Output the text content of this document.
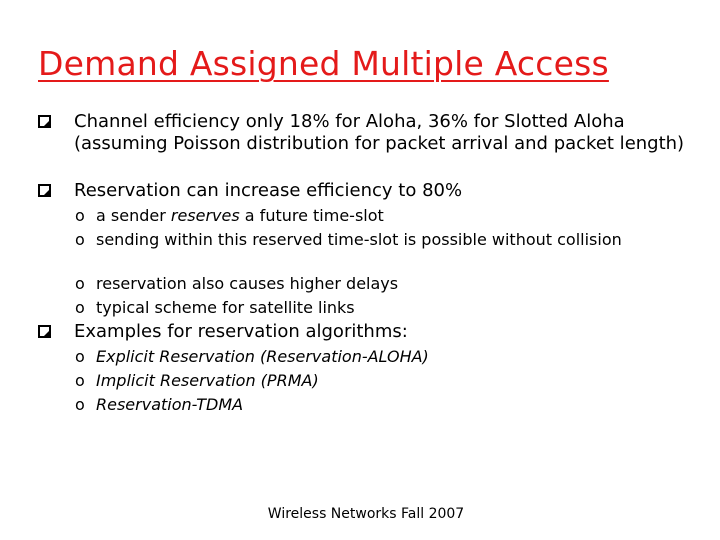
Demand Assigned Multiple Access
Channel efficiency only 18% for Aloha, 36% for Slotted Aloha (assuming Poisson distribution for packet arrival and packet length)
Reservation can increase efficiency to 80%
o a sender reserves a future time-slot
o sending within this reserved time-slot is possible without collision
o reservation also causes higher delays
o typical scheme for satellite links
Examples for reservation algorithms:
o Explicit Reservation (Reservation-ALOHA)
o Implicit Reservation (PRMA)
o Reservation-TDMA
Wireless Networks Fall 2007
